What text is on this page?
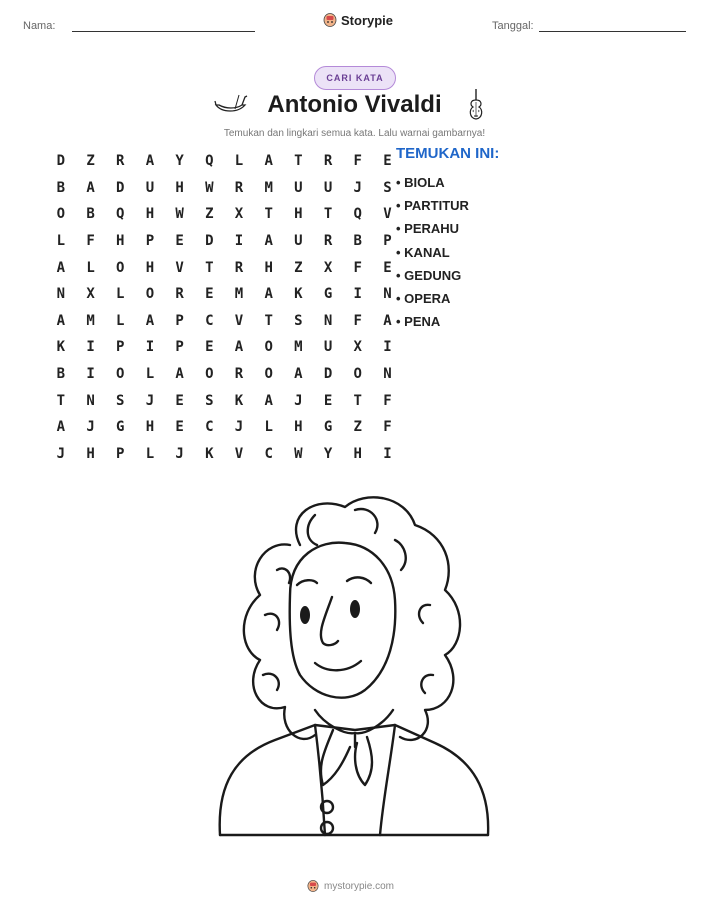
Nama:	Storypie	Tanggal:
CARI KATA
Antonio Vivaldi
Temukan dan lingkari semua kata. Lalu warnai gambarnya!
D	Z	R	A	Y	Q	L	A	T	R	F	E
B	A	D	U	H	W	R	M	U	U	J	S
O	B	Q	H	W	Z	X	T	H	T	Q	V
L	F	H	P	E	D	I	A	U	R	B	P
A	L	O	H	V	T	R	H	Z	X	F	E
N	X	L	O	R	E	M	A	K	G	I	N
A	M	L	A	P	C	V	T	S	N	F	A
K	I	P	I	P	E	A	O	M	U	X	I
B	I	O	L	A	O	R	O	A	D	O	N
T	N	S	J	E	S	K	A	J	E	T	F
A	J	G	H	E	C	J	L	H	G	Z	F
J	H	P	L	J	K	V	C	W	Y	H	I
TEMUKAN INI:
• BIOLA
• PARTITUR
• PERAHU
• KANAL
• GEDUNG
• OPERA
• PENA
mystorypie.com
